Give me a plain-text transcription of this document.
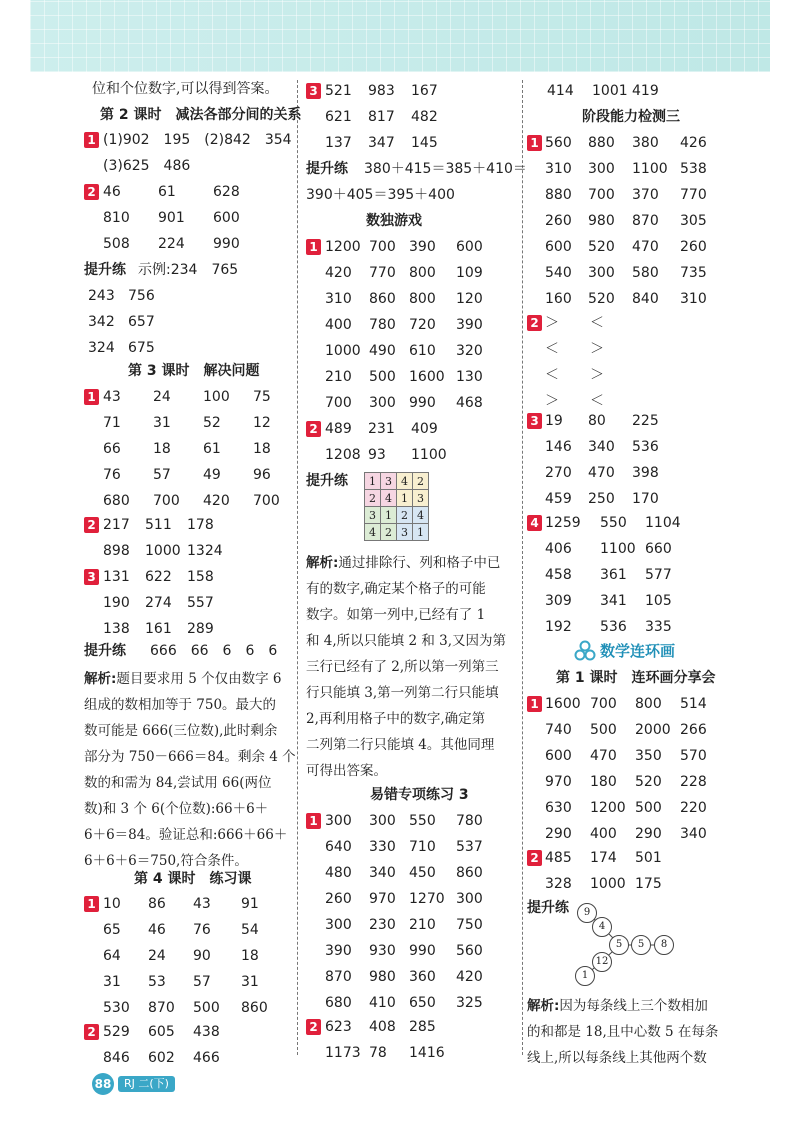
88	RJ 二(下)
位和个位数字,可以得到答案。
第 2 课时　减法各部分间的关系
1 (1)902　195　(2)842　354
(3)625　486
2 46	61	628
810 901 600
508 224 990
提升练 示例:234　765
243 756
342 657
324 675
第 3 课时　解决问题
1 43 24 100 75
71 31 52 12
66 18 61 18
76 57 49 96
680 700 420 700
2 217 511 178
898 1000 1324
3 131 622 158
190 274 557
138 161 289
提升练 666　66　6　6　6
解析:题目要求用 5 个仅由数字 6
组成的数相加等于 750。最大的
数可能是 666(三位数),此时剩余
部分为 750－666＝84。剩余 4 个
数的和需为 84,尝试用 66(两位
数)和 3 个 6(个位数):66＋6＋
6＋6＝84。验证总和:666＋66＋
6＋6＋6＝750,符合条件。
第 4 课时　练习课
1 10 86 43 91
65 46 76 54
64 24 90 18
31 53 57 31
530 870 500 860
2 529 605 438
846 602 466
3 521 983 167
621 817 482
137 347 145
提升练 380＋415＝385＋410＝
390＋405＝395＋400
数独游戏
1 1200 700 390 600
420 770 800 109
310 860 800 120
400 780 720 390
1000 490 610 320
210 500 1600 130
700 300 990 468
2 489 231 409
1208 93 1100
提升练 1	3	4	2
2	4	1	3
3	1	2	4
4	2	3	1
解析:通过排除行、列和格子中已
有的数字,确定某个格子的可能
数字。如第一列中,已经有了 1
和 4,所以只能填 2 和 3,又因为第
三行已经有了 2,所以第一列第三
行只能填 3,第一列第二行只能填
2,再利用格子中的数字,确定第
二列第二行只能填 4。其他同理
可得出答案。
易错专项练习 3
1 300 300 550 780
640 330 710 537
480 340 450 860
260 970 1270 300
300 230 210 750
390 930 990 560
870 980 360 420
680 410 650 325
2 623 408 285
1173 78 1416
414 1001 419
阶段能力检测三
1 560 880 380 426
310 300 1100 538
880 700 370 770
260 980 870 305
600 520 470 260
540 300 580 735
160 520 840 310
2 ＞ ＜
＜ ＞
＜ ＞
＞ ＜
3 19 80 225
146 340 536
270 470 398
459 250 170
4 1259 550 1104
406 1100 660
458 361 577
309 341 105
192 536 335
数学连环画
第 1 课时　连环画分享会
1 1600 700 800 514
740 500 2000 266
600 470 350 570
970 180 520 228
630 1200 500 220
290 400 290 340
2 485 174 501
328 1000 175
提升练	9
4
5	5	8
12
1
解析:因为每条线上三个数相加
的和都是 18,且中心数 5 在每条
线上,所以每条线上其他两个数
